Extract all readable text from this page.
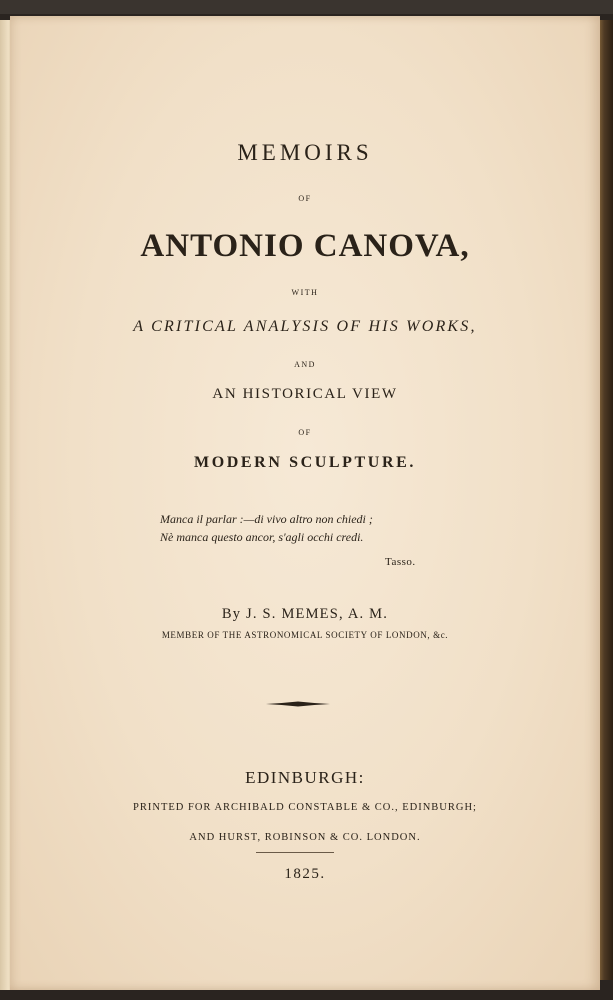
MEMOIRS
OF
ANTONIO CANOVA,
WITH
A CRITICAL ANALYSIS OF HIS WORKS,
AND
AN HISTORICAL VIEW
OF
MODERN SCULPTURE.
Manca il parlar :—di vivo altro non chiedi ;
Nè manca questo ancor, s'agli occhi credi.
Tasso.
By J. S. MEMES, A. M.
MEMBER OF THE ASTRONOMICAL SOCIETY OF LONDON, &c.
EDINBURGH:
PRINTED FOR ARCHIBALD CONSTABLE & CO., EDINBURGH;
AND HURST, ROBINSON & CO. LONDON.
1825.
